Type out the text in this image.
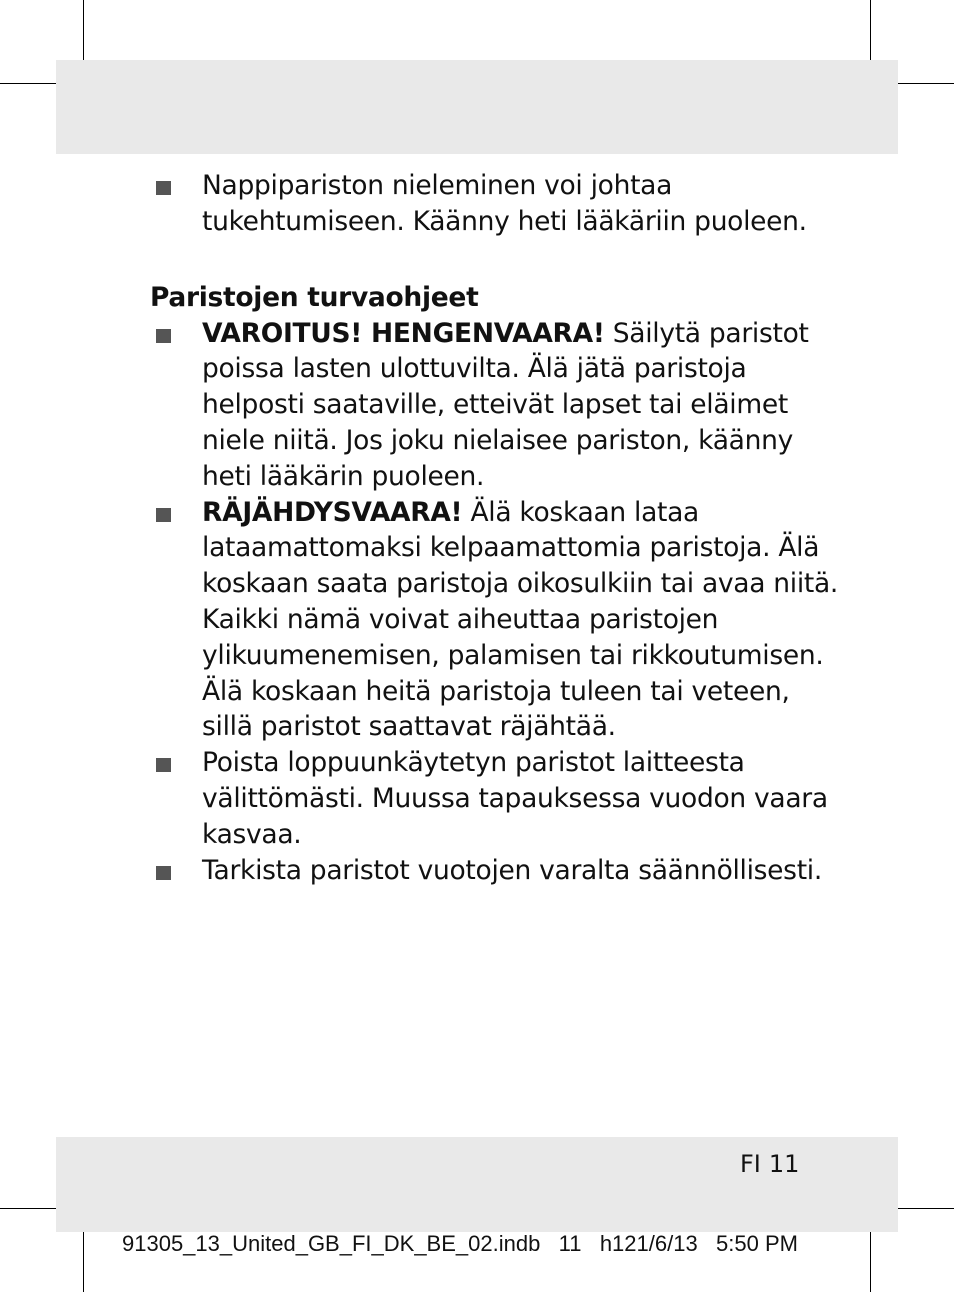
Nappipariston nieleminen voi johtaa tukehtumiseen. Käänny heti lääkäriin puoleen.
Paristojen turvaohjeet
VAROITUS! HENGENVAARA! Säilytä paristot poissa lasten ulottuvilta. Älä jätä paristoja helposti saataville, etteivät lapset tai eläimet niele niitä. Jos joku nielaisee pariston, käänny heti lääkärin puoleen.
RÄJÄHDYSVAARA! Älä koskaan lataa lataamattomaksi kelpaamattomia paristoja. Älä koskaan saata paristoja oikosulkiin tai avaa niitä. Kaikki nämä voivat aiheuttaa paristojen ylikuumenemisen, palamisen tai rikkoutumisen. Älä koskaan heitä paristoja tuleen tai veteen, sillä paristot saattavat räjähtää.
Poista loppuunkäytetyn paristot laitteesta välittömästi. Muussa tapauksessa vuodon vaara kasvaa.
Tarkista paristot vuotojen varalta säännöllisesti.
FI 11
91305_13_United_GB_FI_DK_BE_02.indb   11   h121/6/13   5:50 PM
